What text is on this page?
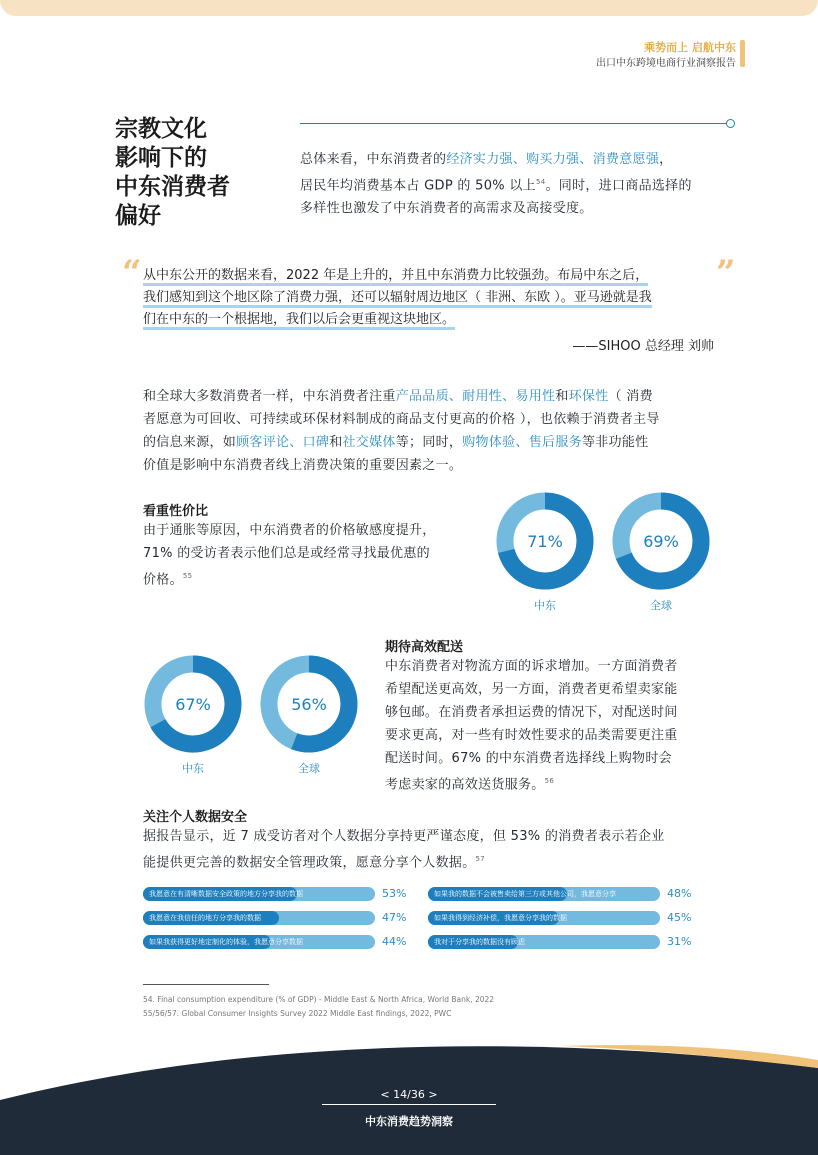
乘势而上 启航中东
出口中东跨境电商行业洞察报告
宗教文化
影响下的
中东消费者
偏好
总体来看，中东消费者的经济实力强、购买力强、消费意愿强，
居民年均消费基本占 GDP 的 50% 以上$^{54}$。同时，进口商品选择的
多样性也激发了中东消费者的高需求及高接受度。
“	”
从中东公开的数据来看，2022 年是上升的，并且中东消费力比较强劲。布局中东之后，
我们感知到这个地区除了消费力强，还可以辐射周边地区（ 非洲、东欧 ）。亚马逊就是我
们在中东的一个根据地，我们以后会更重视这块地区。
——SIHOO 总经理 刘帅
和全球大多数消费者一样，中东消费者注重产品品质、耐用性、易用性和环保性（ 消费
者愿意为可回收、可持续或环保材料制成的商品支付更高的价格 ），也依赖于消费者主导
的信息来源，如顾客评论、口碑和社交媒体等；同时，购物体验、售后服务等非功能性
价值是影响中东消费者线上消费决策的重要因素之一。
看重性价比
由于通胀等原因，中东消费者的价格敏感度提升，
71% 的受访者表示他们总是或经常寻找最优惠的
价格。$^{55}$
71%	69%
中东	全球
期待高效配送
中东消费者对物流方面的诉求增加。一方面消费者
希望配送更高效，另一方面，消费者更希望卖家能
够包邮。在消费者承担运费的情况下，对配送时间
要求更高，对一些有时效性要求的品类需要更注重
配送时间。67% 的中东消费者选择线上购物时会
考虑卖家的高效送货服务。$^{56}$
67%	56%
中东	全球
关注个人数据安全
据报告显示，近 7 成受访者对个人数据分享持更严谨态度，但 53% 的消费者表示若企业
能提供更完善的数据安全管理政策，愿意分享个人数据。$^{57}$
我愿意在有清晰数据安全政策的地方分享我的数据	53%
我愿意在我信任的地方分享我的数据	47%
如果我获得更好地定制化的体验，我愿意分享数据	44%
如果我的数据不会被售卖给第三方或其他公司，我愿意分享	48%
如果我得到经济补偿，我愿意分享我的数据	45%
我对于分享我的数据没有顾虑	31%
54. Final consumption expenditure (% of GDP) - Middle East & North Africa, World Bank, 2022
55/56/57. Global Consumer Insights Survey 2022 Middle East findings, 2022, PWC
< 14/36 >
中东消费趋势洞察
